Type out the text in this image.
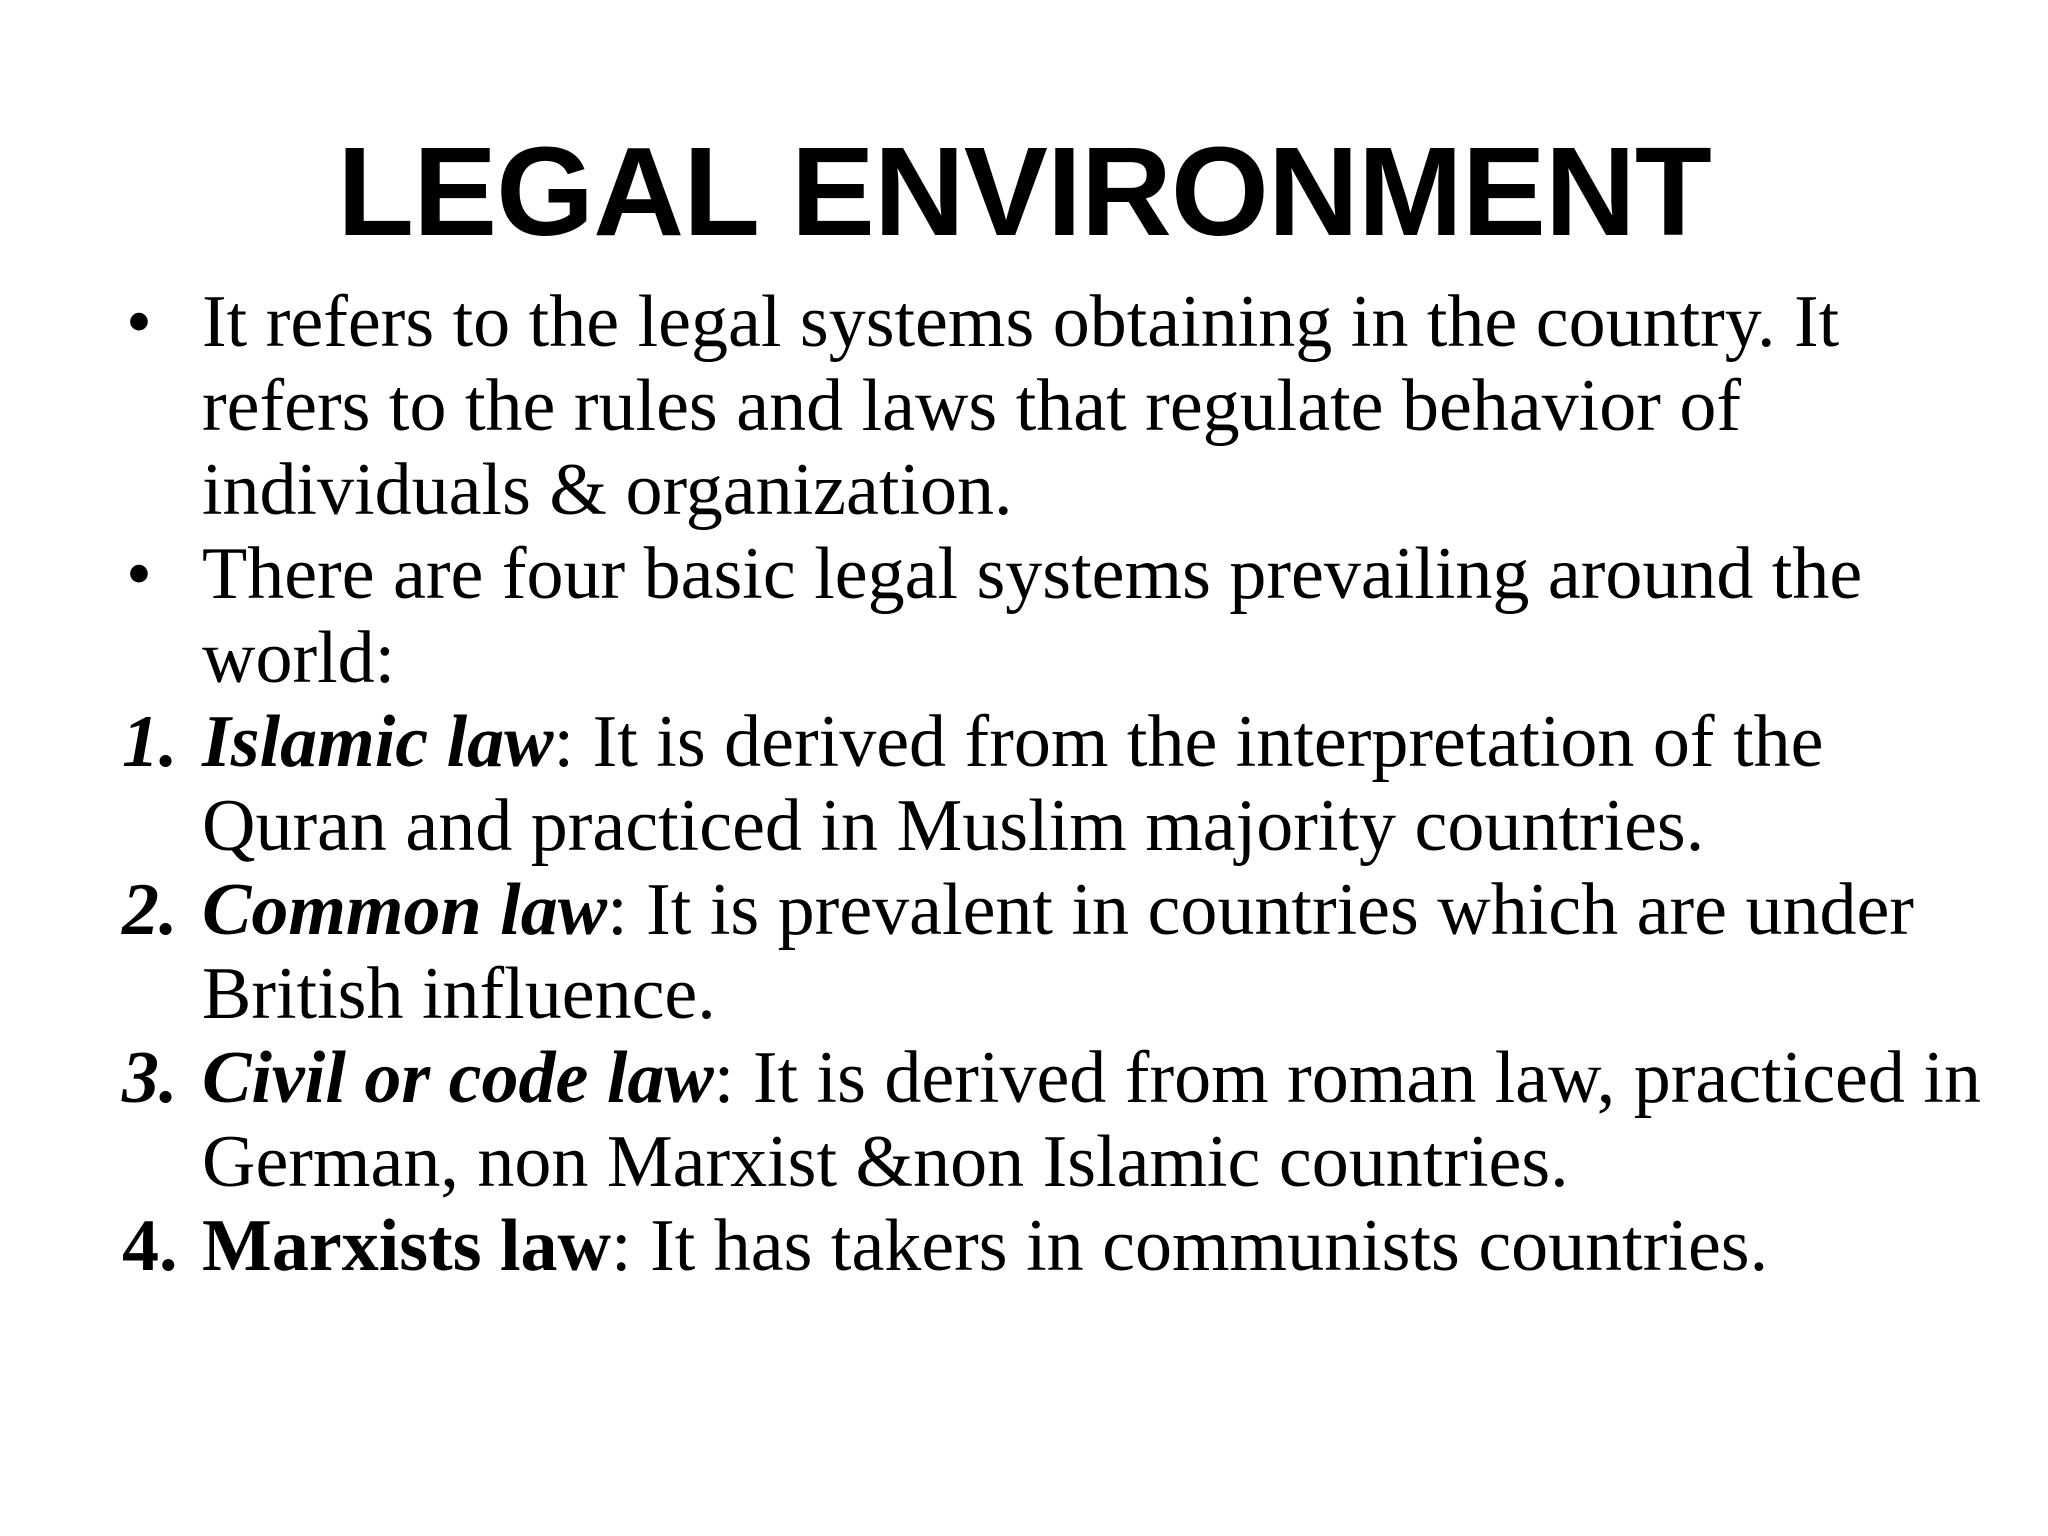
LEGAL ENVIRONMENT
• It refers to the legal systems obtaining in the country. It refers to the rules and laws that regulate behavior of individuals & organization.
• There are four basic legal systems prevailing around the world:
1. Islamic law: It is derived from the interpretation of the Quran and practiced in Muslim majority countries.
2. Common law: It is prevalent in countries which are under British influence.
3. Civil or code law: It is derived from roman law, practiced in German, non Marxist &non Islamic countries.
4. Marxists law: It has takers in communists countries.
